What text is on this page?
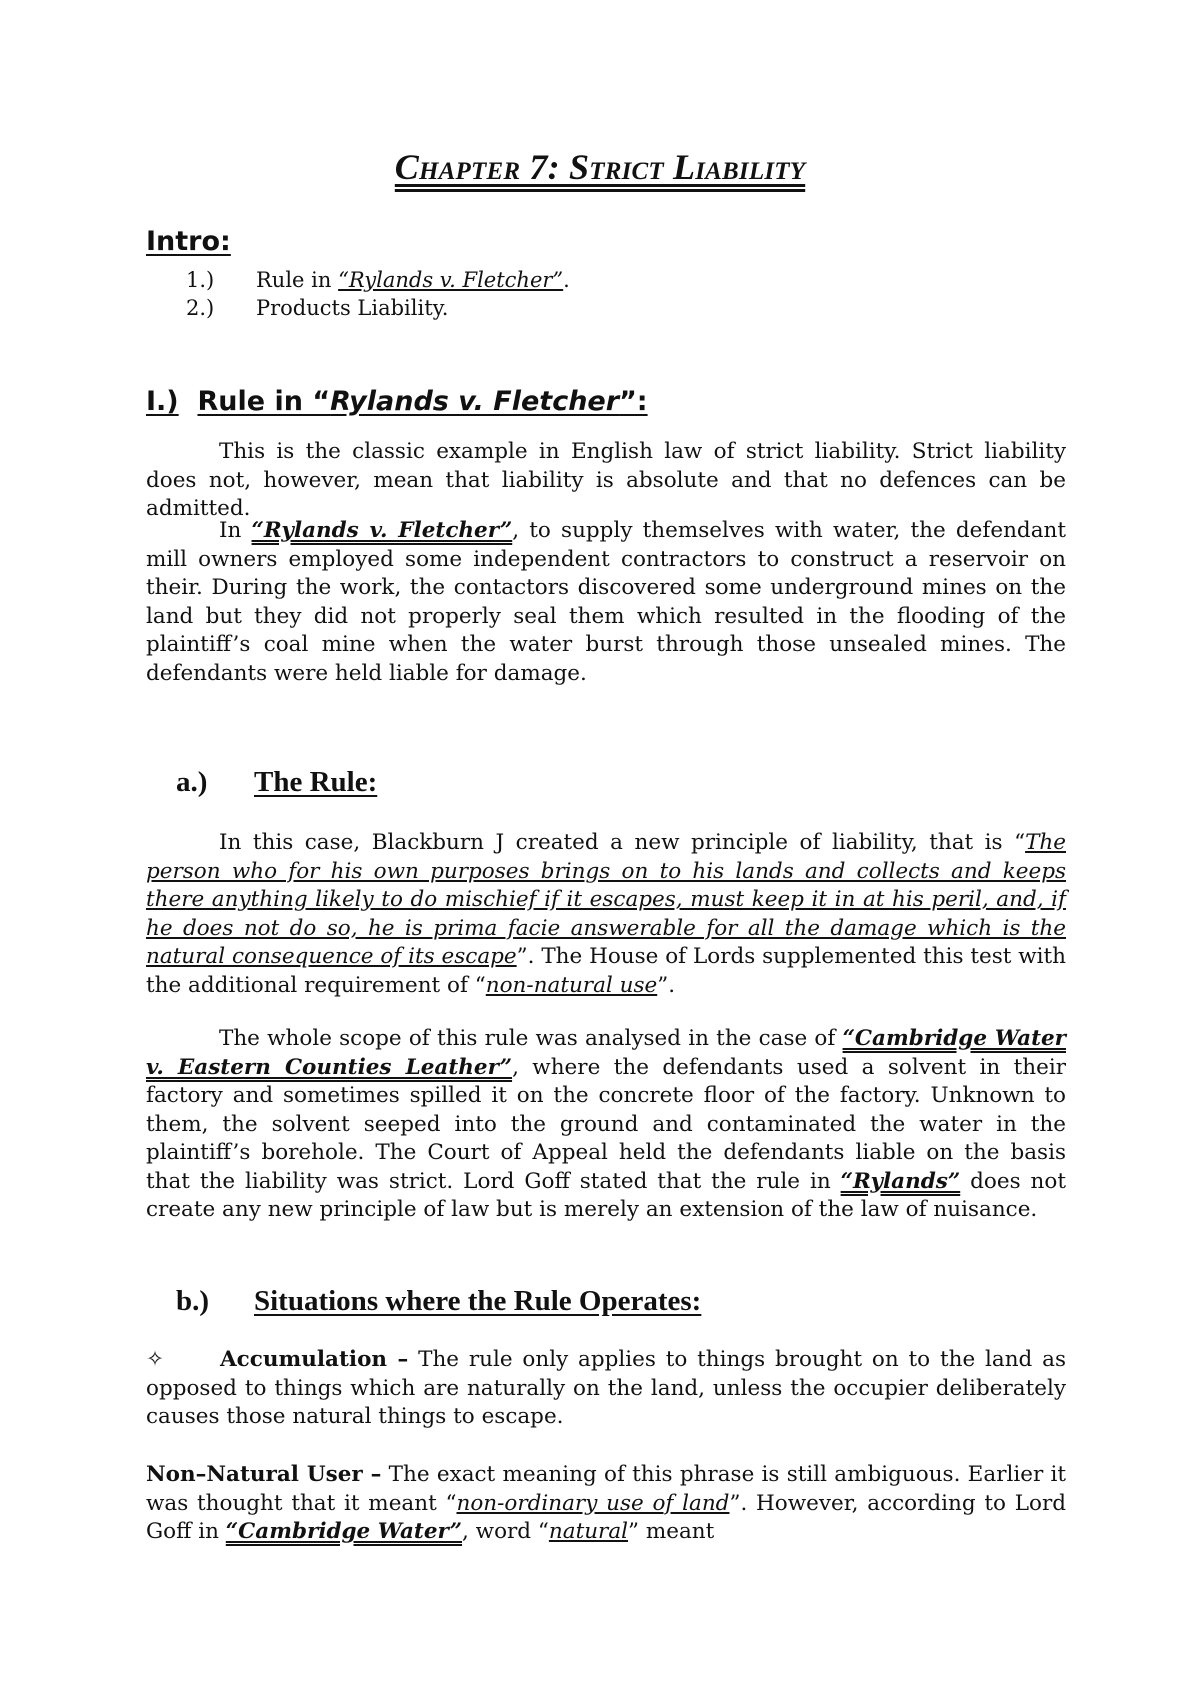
Chapter 7: Strict Liability
Intro:
1.) Rule in “Rylands v. Fletcher”.
2.) Products Liability.
I.) Rule in “Rylands v. Fletcher”:
This is the classic example in English law of strict liability. Strict liability does not, however, mean that liability is absolute and that no defences can be admitted.
In “Rylands v. Fletcher”, to supply themselves with water, the defendant mill owners employed some independent contractors to construct a reservoir on their. During the work, the contactors discovered some underground mines on the land but they did not properly seal them which resulted in the flooding of the plaintiff’s coal mine when the water burst through those unsealed mines. The defendants were held liable for damage.
a.) The Rule:
In this case, Blackburn J created a new principle of liability, that is “The person who for his own purposes brings on to his lands and collects and keeps there anything likely to do mischief if it escapes, must keep it in at his peril, and, if he does not do so, he is prima facie answerable for all the damage which is the natural consequence of its escape”. The House of Lords supplemented this test with the additional requirement of “non-natural use”.
The whole scope of this rule was analysed in the case of “Cambridge Water v. Eastern Counties Leather”, where the defendants used a solvent in their factory and sometimes spilled it on the concrete floor of the factory. Unknown to them, the solvent seeped into the ground and contaminated the water in the plaintiff’s borehole. The Court of Appeal held the defendants liable on the basis that the liability was strict. Lord Goff stated that the rule in “Rylands” does not create any new principle of law but is merely an extension of the law of nuisance.
b.) Situations where the Rule Operates:
✧	Accumulation – The rule only applies to things brought on to the land as opposed to things which are naturally on the land, unless the occupier deliberately causes those natural things to escape.
Non–Natural User – The exact meaning of this phrase is still ambiguous. Earlier it was thought that it meant “non-ordinary use of land”. However, according to Lord Goff in “Cambridge Water”, word “natural” meant
